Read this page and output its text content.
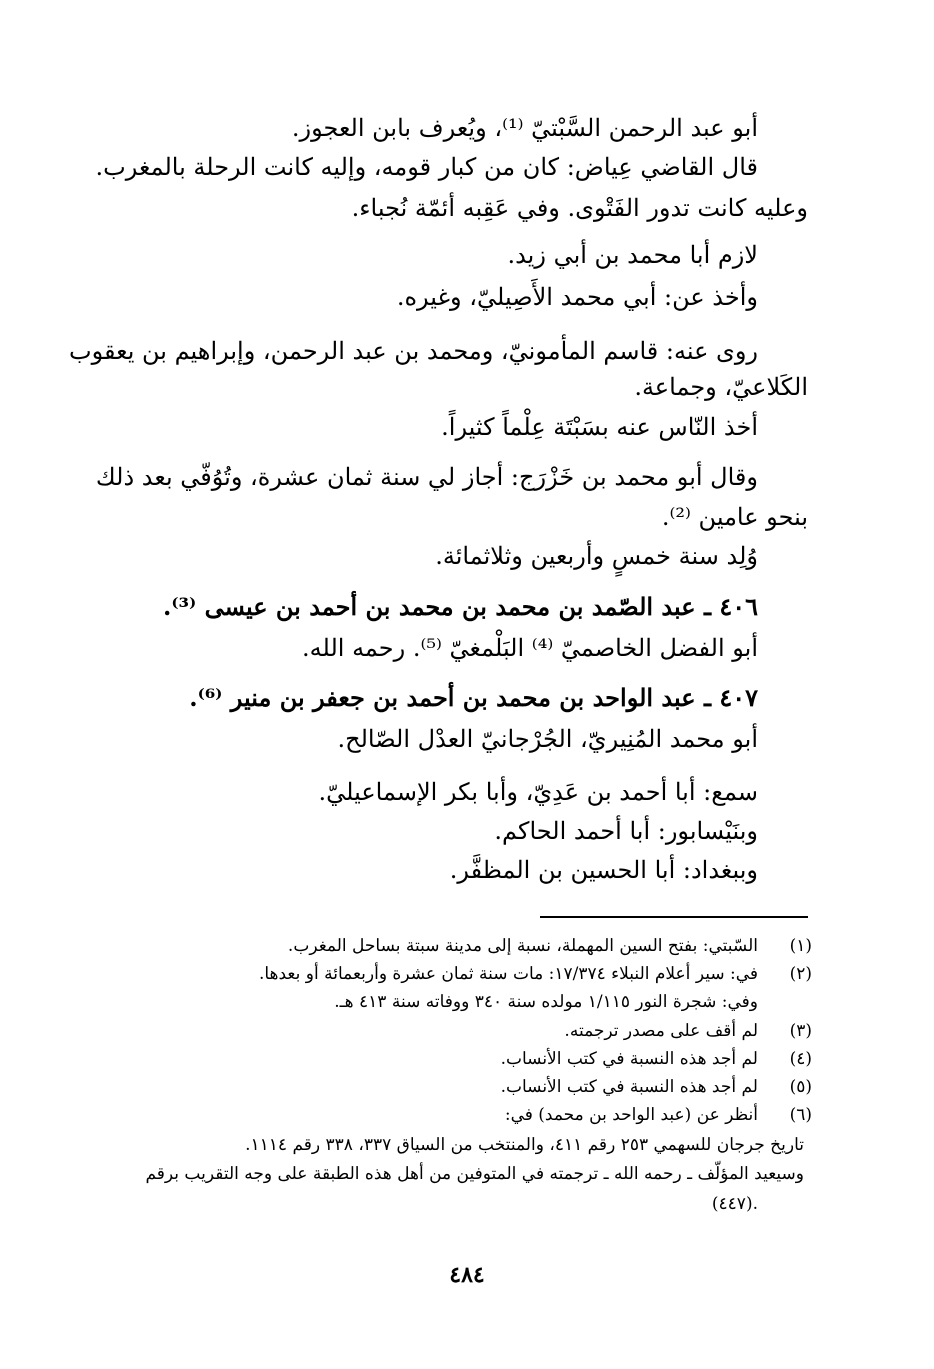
أبو عبد الرحمن السَّبْتيّ ⁽¹⁾، ويُعرف بابن العجوز.
قال القاضي عِياض: كان من كبار قومه، وإليه كانت الرحلة بالمغرب.
وعليه كانت تدور الفَتْوى. وفي عَقِبه أئمّة نُجباء.
لازم أبا محمد بن أبي زيد.
وأخذ عن: أبي محمد الأَصِيليّ، وغيره.
روى عنه: قاسم المأمونيّ، ومحمد بن عبد الرحمن، وإبراهيم بن يعقوب
الكَلاعيّ، وجماعة.
أخذ النّاس عنه بسَبْتَة عِلْماً كثيراً.
وقال أبو محمد بن خَزْرَج: أجاز لي سنة ثمان عشرة، وتُوُفّي بعد ذلك
بنحو عامين ⁽²⁾.
وُلِد سنة خمسٍ وأربعين وثلاثمائة.
٤٠٦ ـ عبد الصّمد بن محمد بن محمد بن أحمد بن عيسى ⁽³⁾.
أبو الفضل الخاصميّ ⁽⁴⁾ البَلْمغيّ ⁽⁵⁾. رحمه الله.
٤٠٧ ـ عبد الواحد بن محمد بن أحمد بن جعفر بن منير ⁽⁶⁾.
أبو محمد المُنِيريّ، الجُرْجانيّ العدْل الصّالح.
سمع: أبا أحمد بن عَدِيّ، وأبا بكر الإسماعيليّ.
وبنَيْسابور: أبا أحمد الحاكم.
وببغداد: أبا الحسين بن المظفَّر.
(١)
السّبتي: بفتح السين المهملة، نسبة إلى مدينة سبتة بساحل المغرب.
(٢)
في: سير أعلام النبلاء ١٧/٣٧٤: مات سنة ثمان عشرة وأربعمائة أو بعدها.
وفي: شجرة النور ١/١١٥ مولده سنة ٣٤٠ ووفاته سنة ٤١٣ هـ.
(٣)
لم أقف على مصدر ترجمته.
(٤)
لم أجد هذه النسبة في كتب الأنساب.
(٥)
لم أجد هذه النسبة في كتب الأنساب.
(٦)
أنظر عن (عبد الواحد بن محمد) في:
تاريخ جرجان للسهمي ٢٥٣ رقم ٤١١، والمنتخب من السياق ٣٣٧، ٣٣٨ رقم ١١١٤.
وسيعيد المؤلّف ـ رحمه الله ـ ترجمته في المتوفين من أهل هذه الطبقة على وجه التقريب برقم
(٤٤٧).
٤٨٤
